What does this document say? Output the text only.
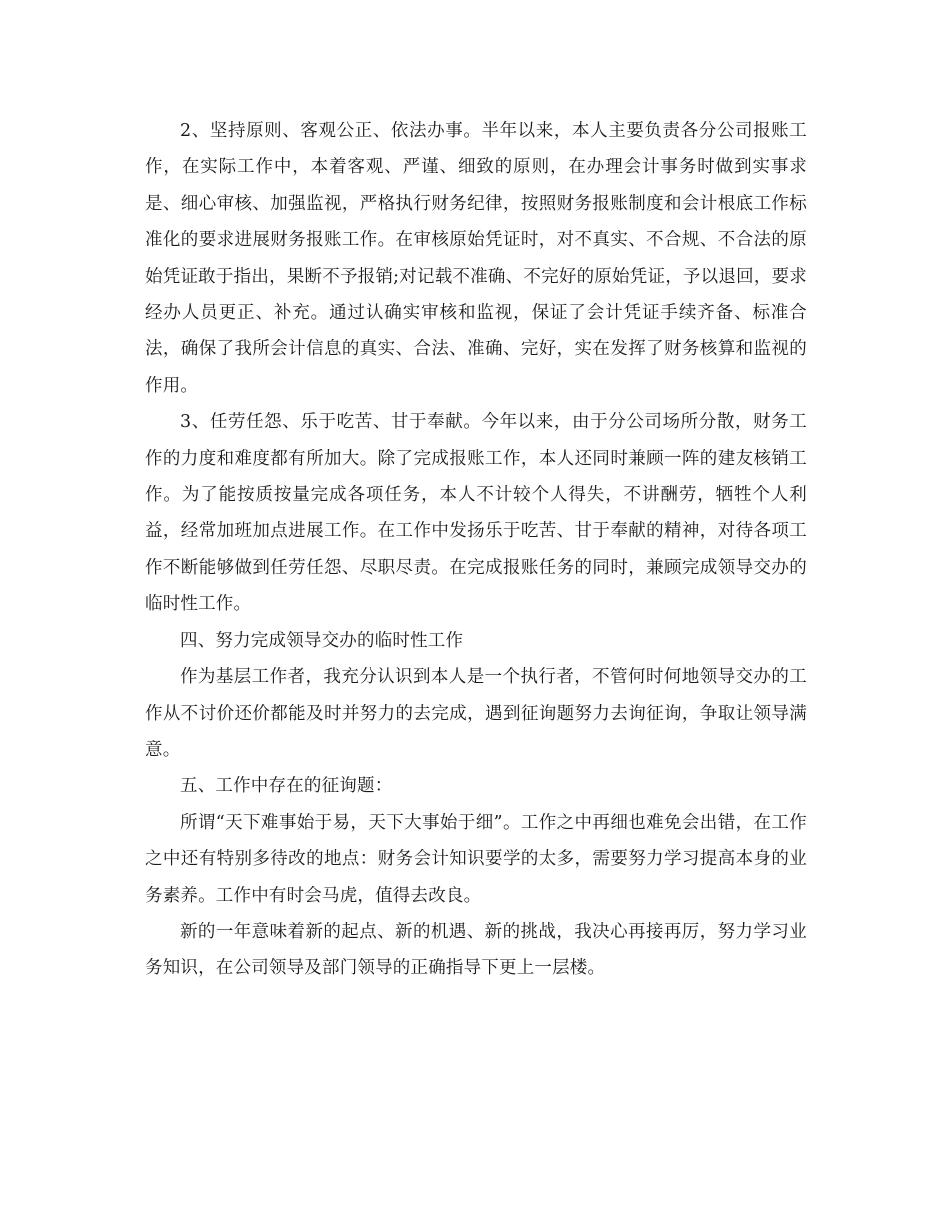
2、坚持原则、客观公正、依法办事。半年以来，本人主要负责各分公司报账工作，在实际工作中，本着客观、严谨、细致的原则，在办理会计事务时做到实事求是、细心审核、加强监视，严格执行财务纪律，按照财务报账制度和会计根底工作标准化的要求进展财务报账工作。在审核原始凭证时，对不真实、不合规、不合法的原始凭证敢于指出，果断不予报销;对记载不准确、不完好的原始凭证，予以退回，要求经办人员更正、补充。通过认确实审核和监视，保证了会计凭证手续齐备、标准合法，确保了我所会计信息的真实、合法、准确、完好，实在发挥了财务核算和监视的作用。

3、任劳任怨、乐于吃苦、甘于奉献。今年以来，由于分公司场所分散，财务工作的力度和难度都有所加大。除了完成报账工作，本人还同时兼顾一阵的建友核销工作。为了能按质按量完成各项任务，本人不计较个人得失，不讲酬劳，牺牲个人利益，经常加班加点进展工作。在工作中发扬乐于吃苦、甘于奉献的精神，对待各项工作不断能够做到任劳任怨、尽职尽责。在完成报账任务的同时，兼顾完成领导交办的临时性工作。

四、努力完成领导交办的临时性工作

作为基层工作者，我充分认识到本人是一个执行者，不管何时何地领导交办的工作从不讨价还价都能及时并努力的去完成，遇到征询题努力去询征询，争取让领导满意。

五、工作中存在的征询题：

所谓“天下难事始于易，天下大事始于细”。工作之中再细也难免会出错，在工作之中还有特别多待改的地点：财务会计知识要学的太多，需要努力学习提高本身的业务素养。工作中有时会马虎，值得去改良。

新的一年意味着新的起点、新的机遇、新的挑战，我决心再接再厉，努力学习业务知识，在公司领导及部门领导的正确指导下更上一层楼。
